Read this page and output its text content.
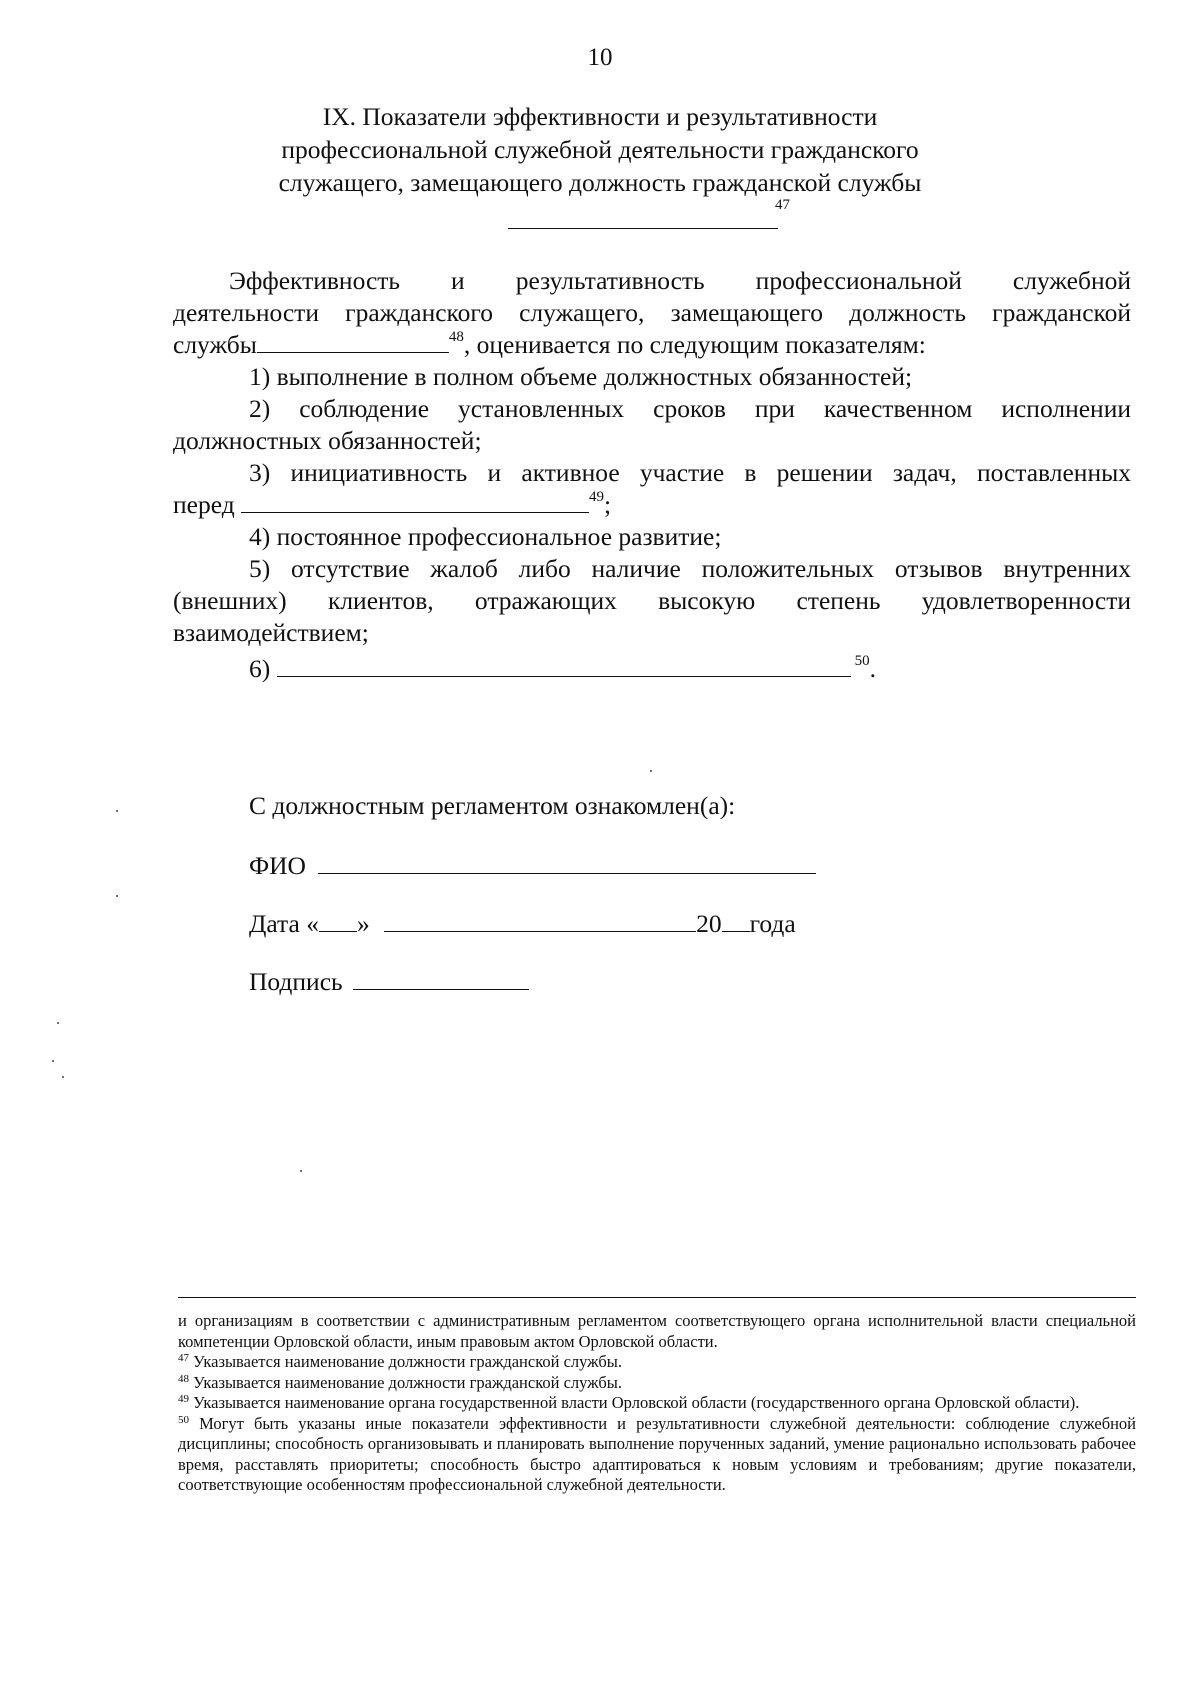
10
IX. Показатели эффективности и результативности
профессиональной служебной деятельности гражданского
служащего, замещающего должность гражданской службы
47
Эффективность и результативность профессиональной служебной
деятельности гражданского служащего, замещающего должность гражданской
службы	$^{48}$, оценивается по следующим показателям:
1) выполнение в полном объеме должностных обязанностей;
2) соблюдение установленных сроков при качественном исполнении
должностных обязанностей;
3) инициативность и активное участие в решении задач, поставленных
перед	$^{49}$;
4) постоянное профессиональное развитие;
5) отсутствие жалоб либо наличие положительных отзывов внутренних
(внешних) клиентов, отражающих высокую степень удовлетворенности
взаимодействием;
6)	$^{50}$.
С должностным регламентом ознакомлен(а):
ФИО
Дата « »	20 года
Подпись

и организациям в соответствии с административным регламентом соответствующего органа исполнительной власти специальной компетенции Орловской области, иным правовым актом Орловской области.

$^{47}$ Указывается наименование должности гражданской службы.

$^{48}$ Указывается наименование должности гражданской службы.

$^{49}$ Указывается наименование органа государственной власти Орловской области (государственного органа Орловской области).

$^{50}$ Могут быть указаны иные показатели эффективности и результативности служебной деятельности: соблюдение служебной дисциплины; способность организовывать и планировать выполнение порученных заданий, умение рационально использовать рабочее время, расставлять приоритеты; способность быстро адаптироваться к новым условиям и требованиям; другие показатели, соответствующие особенностям профессиональной служебной деятельности.
